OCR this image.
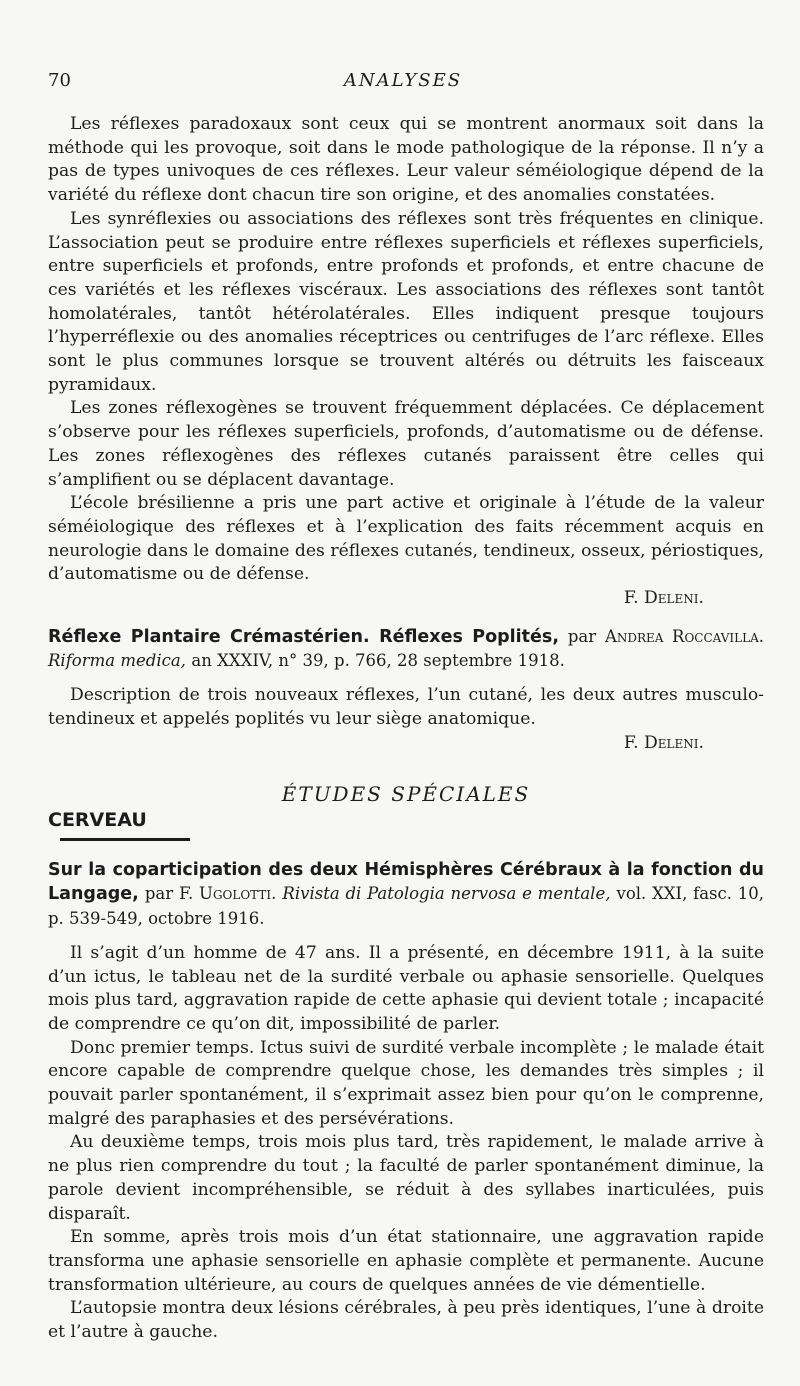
70	ANALYSES

Les réflexes paradoxaux sont ceux qui se montrent anormaux soit dans la méthode qui les provoque, soit dans le mode pathologique de la réponse. Il n’y a pas de types univoques de ces réflexes. Leur valeur séméiologique dépend de la variété du réflexe dont chacun tire son origine, et des anomalies constatées.

Les synréflexies ou associations des réflexes sont très fréquentes en clinique. L’association peut se produire entre réflexes superficiels et réflexes superficiels, entre superficiels et profonds, entre profonds et profonds, et entre chacune de ces variétés et les réflexes viscéraux. Les associations des réflexes sont tantôt homolatérales, tantôt hétérolatérales. Elles indiquent presque toujours l’hyperréflexie ou des anomalies réceptrices ou centrifuges de l’arc réflexe. Elles sont le plus communes lorsque se trouvent altérés ou détruits les faisceaux pyramidaux.

Les zones réflexogènes se trouvent fréquemment déplacées. Ce déplacement s’observe pour les réflexes superficiels, profonds, d’automatisme ou de défense. Les zones réflexogènes des réflexes cutanés paraissent être celles qui s’amplifient ou se déplacent davantage.

L’école brésilienne a pris une part active et originale à l’étude de la valeur séméiologique des réflexes et à l’explication des faits récemment acquis en neurologie dans le domaine des réflexes cutanés, tendineux, osseux, périostiques, d’automatisme ou de défense.

F. Deleni.

Réflexe Plantaire Crémastérien. Réflexes Poplités, par Andrea Roccavilla. Riforma medica, an XXXIV, n° 39, p. 766, 28 septembre 1918.

Description de trois nouveaux réflexes, l’un cutané, les deux autres musculo-tendineux et appelés poplités vu leur siège anatomique.

F. Deleni.
ÉTUDES SPÉCIALES
CERVEAU

Sur la coparticipation des deux Hémisphères Cérébraux à la fonction du Langage, par F. Ugolotti. Rivista di Patologia nervosa e mentale, vol. XXI, fasc. 10, p. 539-549, octobre 1916.

Il s’agit d’un homme de 47 ans. Il a présenté, en décembre 1911, à la suite d’un ictus, le tableau net de la surdité verbale ou aphasie sensorielle. Quelques mois plus tard, aggravation rapide de cette aphasie qui devient totale ; incapacité de comprendre ce qu’on dit, impossibilité de parler.

Donc premier temps. Ictus suivi de surdité verbale incomplète ; le malade était encore capable de comprendre quelque chose, les demandes très simples ; il pouvait parler spontanément, il s’exprimait assez bien pour qu’on le comprenne, malgré des paraphasies et des persévérations.

Au deuxième temps, trois mois plus tard, très rapidement, le malade arrive à ne plus rien comprendre du tout ; la faculté de parler spontanément diminue, la parole devient incompréhensible, se réduit à des syllabes inarticulées, puis disparaît.

En somme, après trois mois d’un état stationnaire, une aggravation rapide transforma une aphasie sensorielle en aphasie complète et permanente. Aucune transformation ultérieure, au cours de quelques années de vie démentielle.

L’autopsie montra deux lésions cérébrales, à peu près identiques, l’une à droite et l’autre à gauche.
